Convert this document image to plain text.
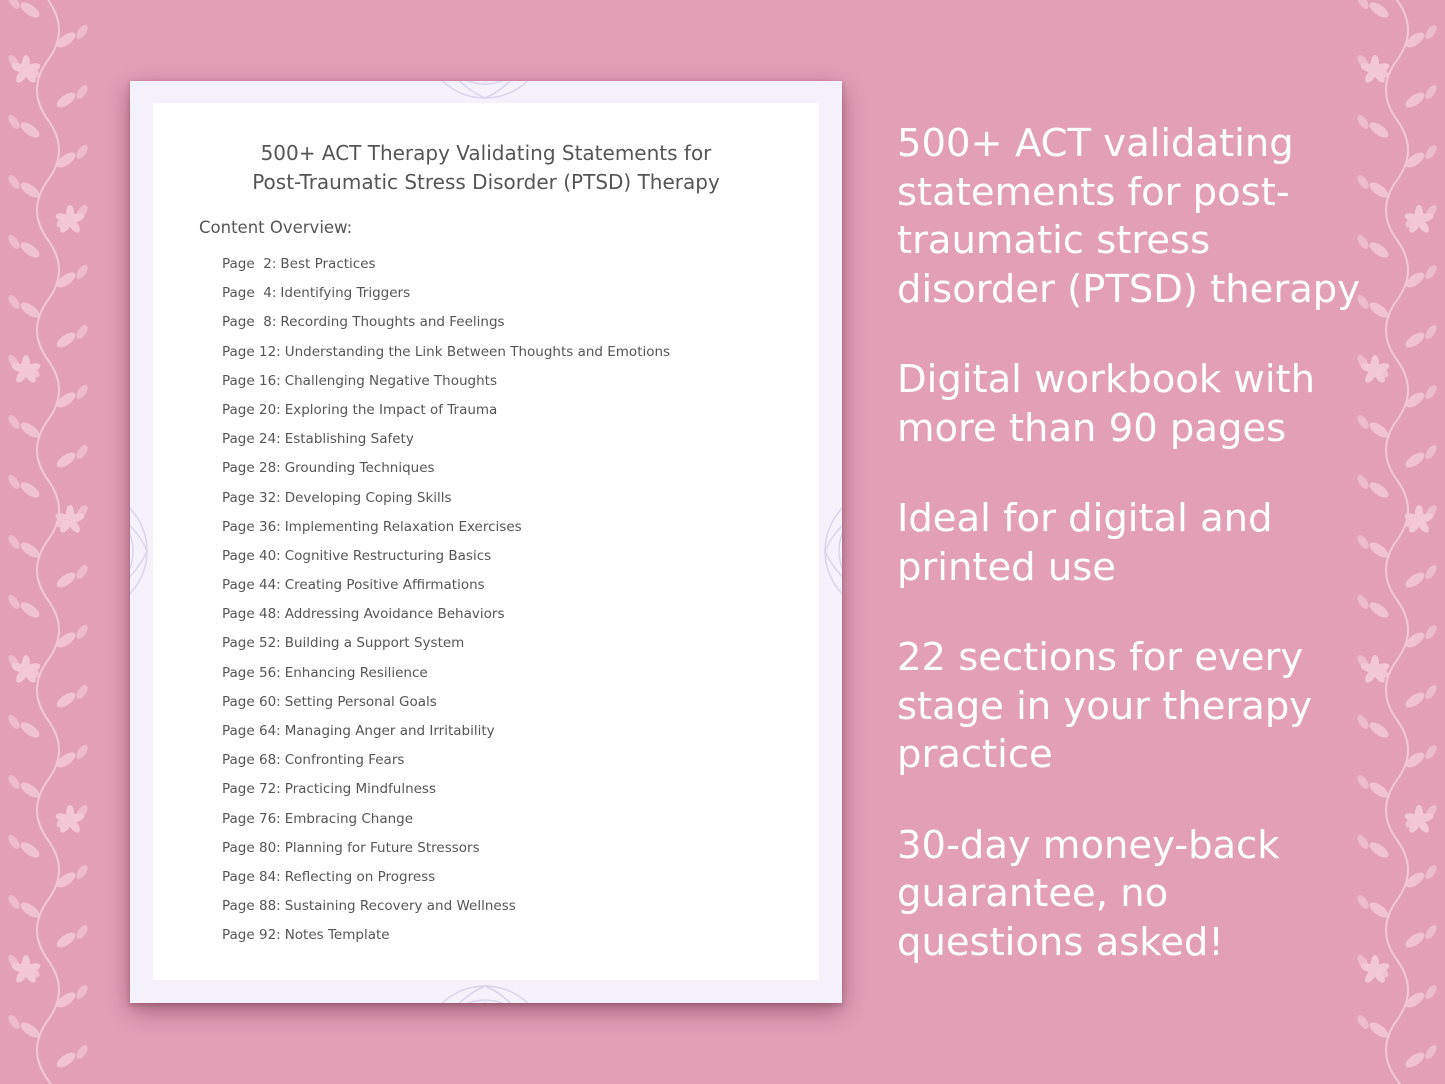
500+ ACT Therapy Validating Statements for
Post-Traumatic Stress Disorder (PTSD) Therapy
Content Overview:
Page  2: Best Practices
Page  4: Identifying Triggers
Page  8: Recording Thoughts and Feelings
Page 12: Understanding the Link Between Thoughts and Emotions
Page 16: Challenging Negative Thoughts
Page 20: Exploring the Impact of Trauma
Page 24: Establishing Safety
Page 28: Grounding Techniques
Page 32: Developing Coping Skills
Page 36: Implementing Relaxation Exercises
Page 40: Cognitive Restructuring Basics
Page 44: Creating Positive Affirmations
Page 48: Addressing Avoidance Behaviors
Page 52: Building a Support System
Page 56: Enhancing Resilience
Page 60: Setting Personal Goals
Page 64: Managing Anger and Irritability
Page 68: Confronting Fears
Page 72: Practicing Mindfulness
Page 76: Embracing Change
Page 80: Planning for Future Stressors
Page 84: Reflecting on Progress
Page 88: Sustaining Recovery and Wellness
Page 92: Notes Template
500+ ACT validating
statements for post-
traumatic stress
disorder (PTSD) therapy
Digital workbook with
more than 90 pages
Ideal for digital and
printed use
22 sections for every
stage in your therapy
practice
30-day money-back
guarantee, no
questions asked!
